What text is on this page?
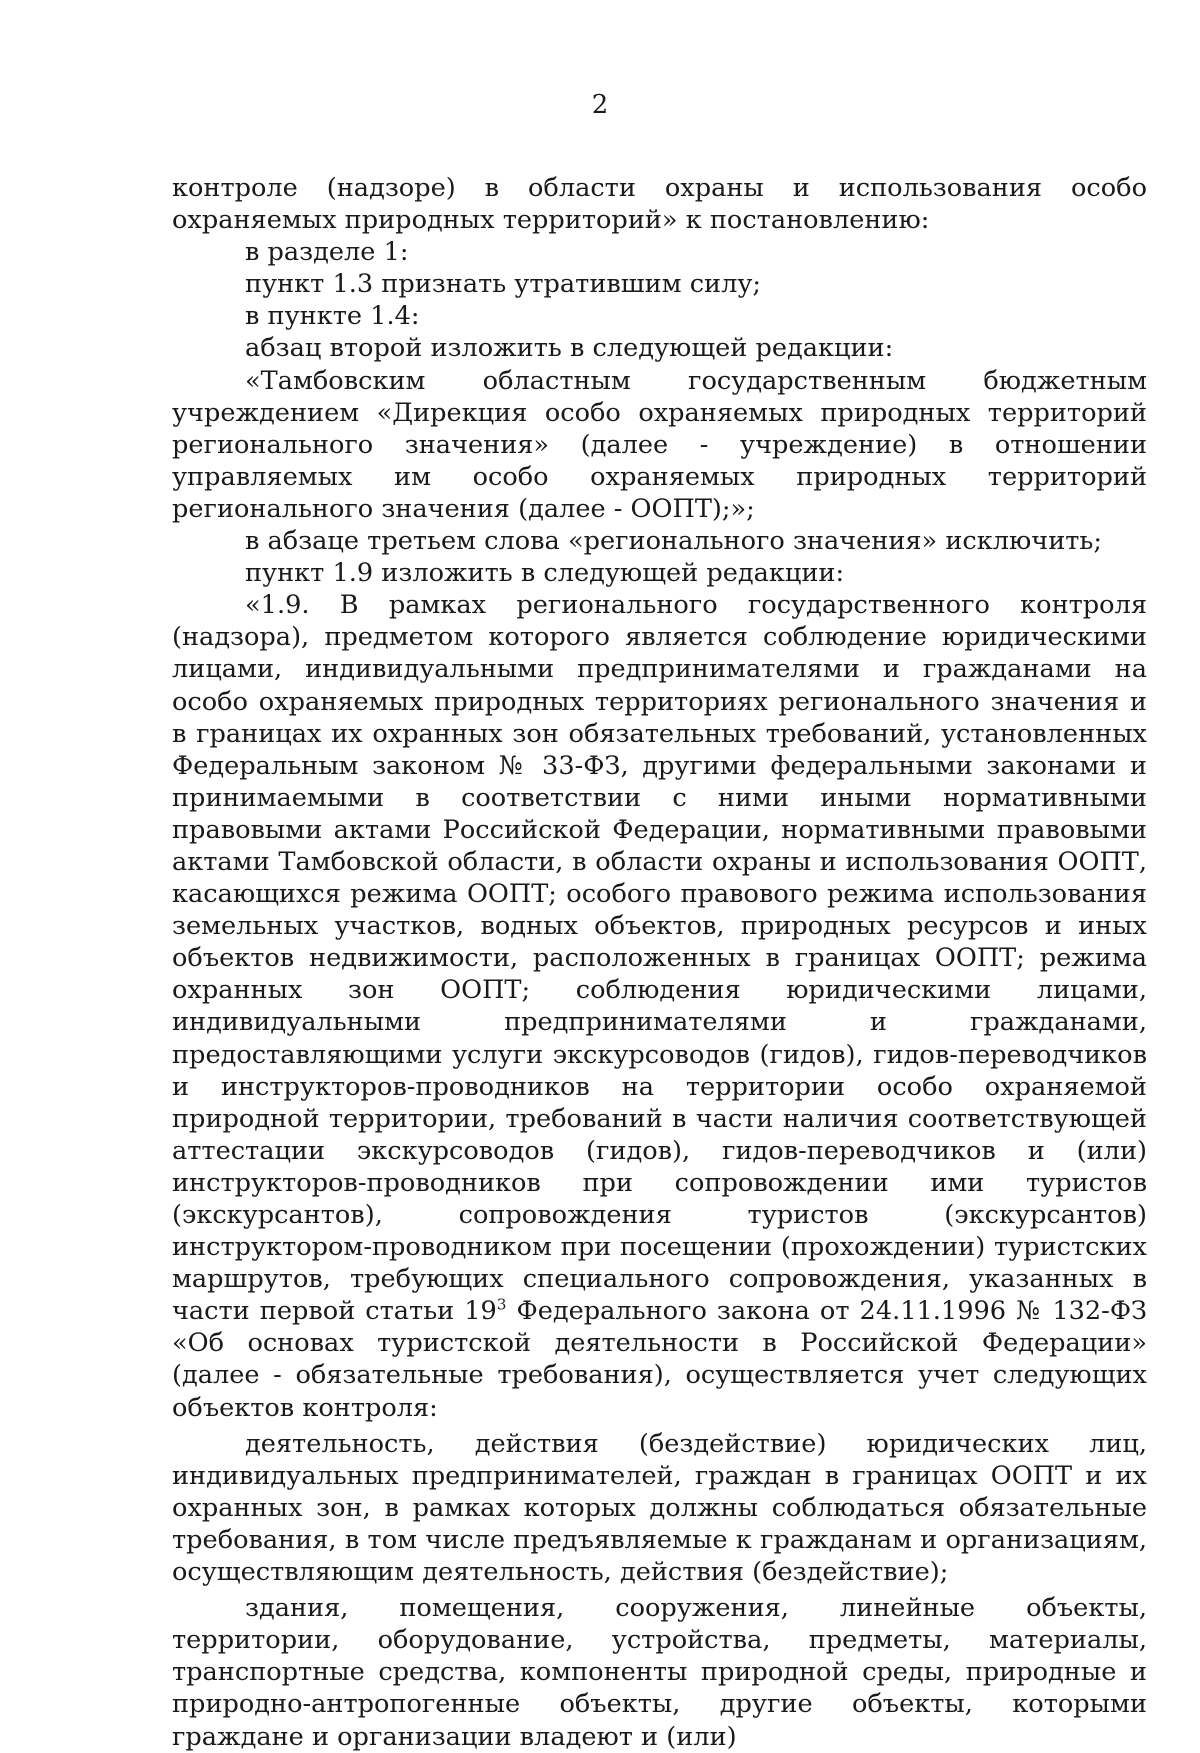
2

контроле (надзоре) в области охраны и использования особо охраняемых природных территорий» к постановлению:

в разделе 1:

пункт 1.3 признать утратившим силу;

в пункте 1.4:

абзац второй изложить в следующей редакции:

«Тамбовским областным государственным бюджетным учреждением «Дирекция особо охраняемых природных территорий регионального значения» (далее - учреждение) в отношении управляемых им особо охраняемых природных территорий регионального значения (далее - ООПТ);»;

в абзаце третьем слова «регионального значения» исключить;

пункт 1.9 изложить в следующей редакции:

«1.9. В рамках регионального государственного контроля (надзора), предметом которого является соблюдение юридическими лицами, индивидуальными предпринимателями и гражданами на особо охраняемых природных территориях регионального значения и в границах их охранных зон обязательных требований, установленных Федеральным законом № 33-ФЗ, другими федеральными законами и принимаемыми в соответствии с ними иными нормативными правовыми актами Российской Федерации, нормативными правовыми актами Тамбовской области, в области охраны и использования ООПТ, касающихся режима ООПТ; особого правового режима использования земельных участков, водных объектов, природных ресурсов и иных объектов недвижимости, расположенных в границах ООПТ; режима охранных зон ООПТ; соблюдения юридическими лицами, индивидуальными предпринимателями и гражданами, предоставляющими услуги экскурсоводов (гидов), гидов-переводчиков и инструкторов-проводников на территории особо охраняемой природной территории, требований в части наличия соответствующей аттестации экскурсоводов (гидов), гидов-переводчиков и (или) инструкторов-проводников при сопровождении ими туристов (экскурсантов), сопровождения туристов (экскурсантов) инструктором-проводником при посещении (прохождении) туристских маршрутов, требующих специального сопровождения, указанных в части первой статьи $19^3$ Федерального закона от 24.11.1996 № 132-ФЗ «Об основах туристской деятельности в Российской Федерации» (далее - обязательные требования), осуществляется учет следующих объектов контроля:

деятельность, действия (бездействие) юридических лиц, индивидуальных предпринимателей, граждан в границах ООПТ и их охранных зон, в рамках которых должны соблюдаться обязательные требования, в том числе предъявляемые к гражданам и организациям, осуществляющим деятельность, действия (бездействие);

здания, помещения, сооружения, линейные объекты, территории, оборудование, устройства, предметы, материалы, транспортные средства, компоненты природной среды, природные и природно-антропогенные объекты, другие объекты, которыми граждане и организации владеют и (или)
